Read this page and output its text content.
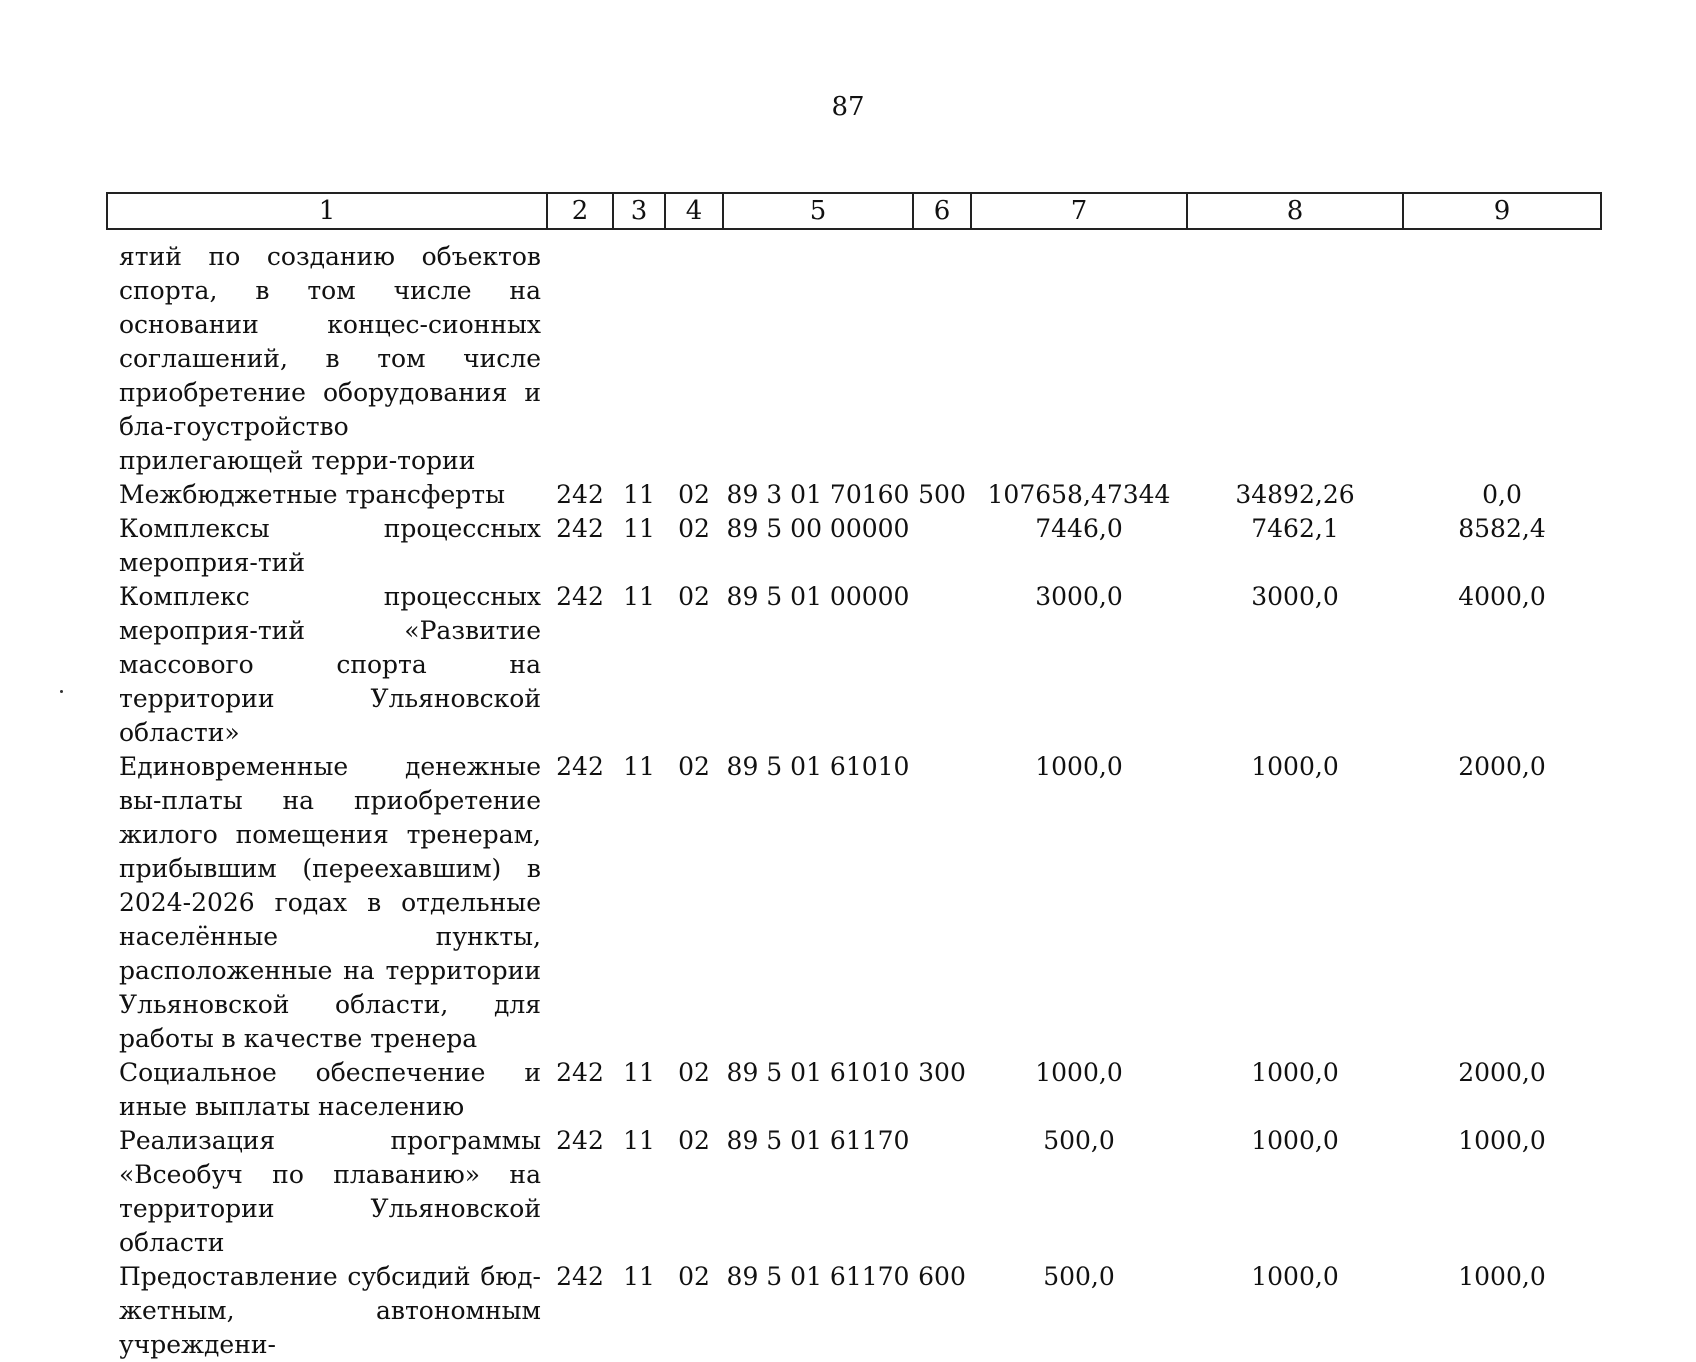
87
1	2	3	4	5	6	7	8	9
ятий по созданию объектов спорта, в том числе на основании концес-сионных соглашений, в том числе приобретение оборудования и бла-гоустройство прилегающей терри-тории								
Межбюджетные трансферты	242	11	02	89 3 01 70160	500	107658,47344	34892,26	0,0
Комплексы процессных мероприя-тий	242	11	02	89 5 00 00000		7446,0	7462,1	8582,4
Комплекс процессных мероприя-тий «Развитие массового спорта на территории Ульяновской области»	242	11	02	89 5 01 00000		3000,0	3000,0	4000,0
Единовременные денежные вы-платы на приобретение жилого помещения тренерам, прибывшим (переехавшим) в 2024-2026 годах в отдельные населённые пункты, расположенные на территории Ульяновской области, для работы в качестве тренера	242	11	02	89 5 01 61010		1000,0	1000,0	2000,0
Социальное обеспечение и иные выплаты населению	242	11	02	89 5 01 61010	300	1000,0	1000,0	2000,0
Реализация программы «Всеобуч по плаванию» на территории Ульяновской области	242	11	02	89 5 01 61170		500,0	1000,0	1000,0
Предоставление субсидий бюд-жетным, автономным учреждени-	242	11	02	89 5 01 61170	600	500,0	1000,0	1000,0
